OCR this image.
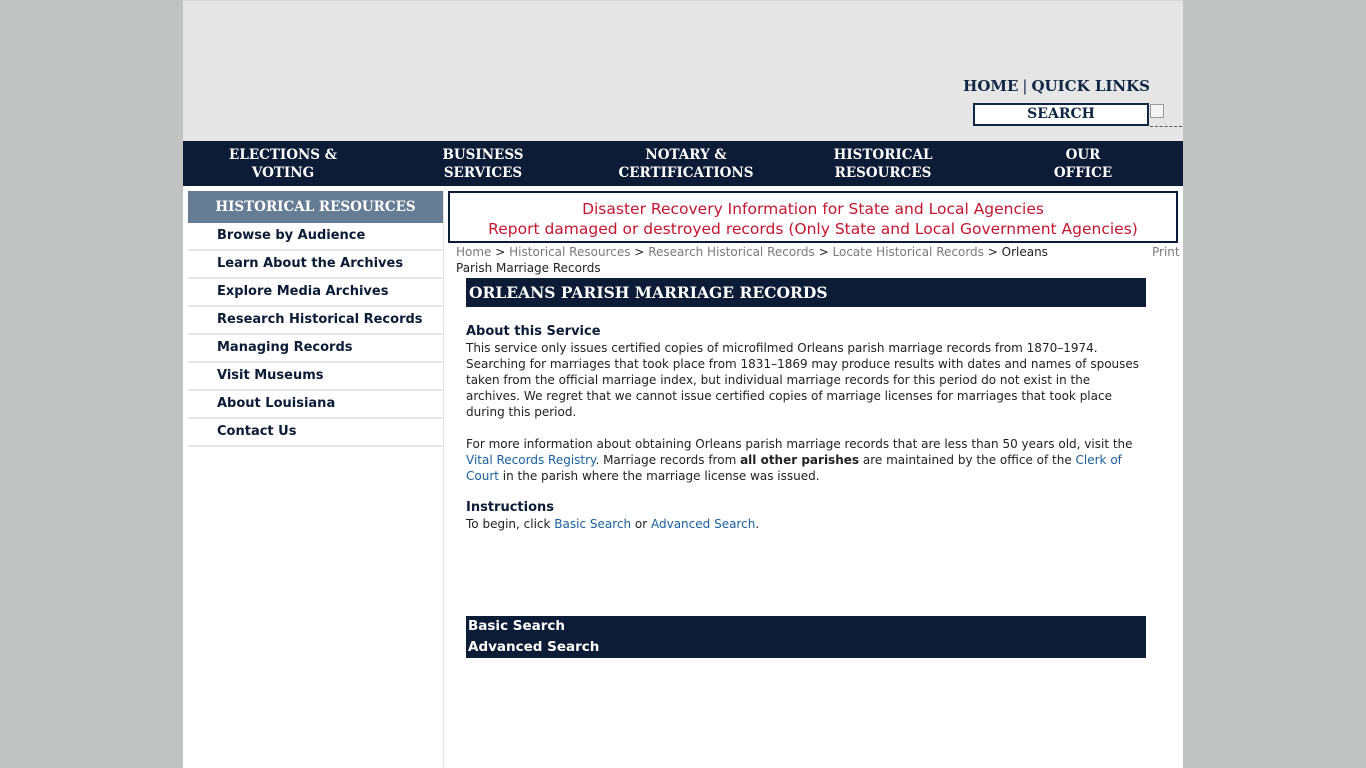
HOME | QUICK LINKS
SEARCH
ELECTIONS &
VOTING
BUSINESS
SERVICES
NOTARY &
CERTIFICATIONS
HISTORICAL
RESOURCES
OUR
OFFICE
HISTORICAL RESOURCES
Browse by Audience
Learn About the Archives
Explore Media Archives
Research Historical Records
Managing Records
Visit Museums
About Louisiana
Contact Us
Disaster Recovery Information for State and Local Agencies
Report damaged or destroyed records (Only State and Local Government Agencies)
Home > Historical Resources > Research Historical Records > Locate Historical Records > Orleans Parish Marriage Records
Print
ORLEANS PARISH MARRIAGE RECORDS
About this Service

This service only issues certified copies of microfilmed Orleans parish marriage records from 1870–1974. Searching for marriages that took place from 1831–1869 may produce results with dates and names of spouses taken from the official marriage index, but individual marriage records for this period do not exist in the archives. We regret that we cannot issue certified copies of marriage licenses for marriages that took place during this period.

For more information about obtaining Orleans parish marriage records that are less than 50 years old, visit the Vital Records Registry. Marriage records from all other parishes are maintained by the office of the Clerk of Court in the parish where the marriage license was issued.

Instructions

To begin, click Basic Search or Advanced Search.

Basic Search
Advanced Search
